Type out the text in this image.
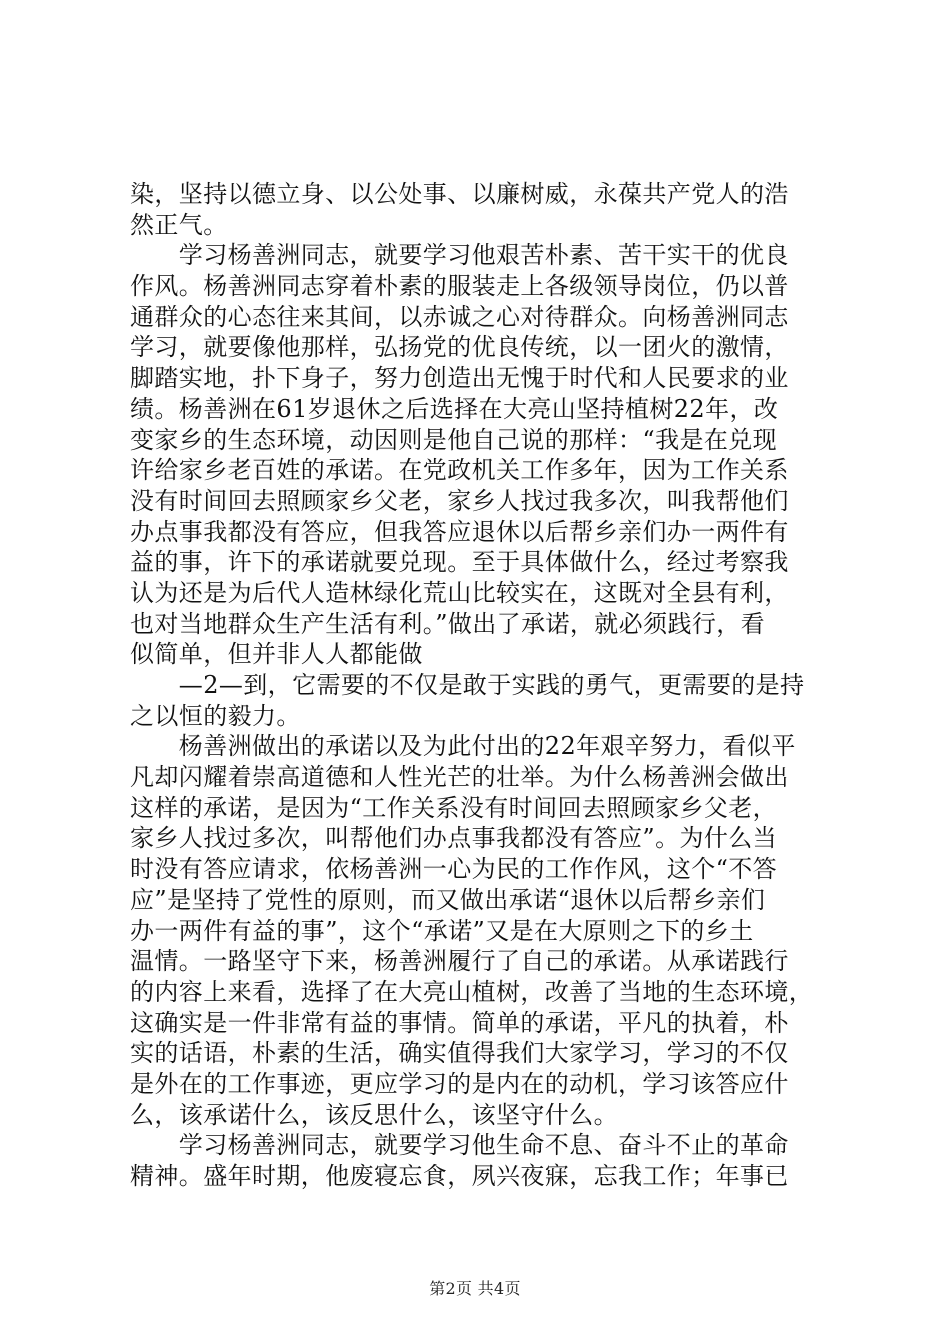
染，坚持以德立身、以公处事、以廉树威，永葆共产党人的浩
然正气。
　　学习杨善洲同志，就要学习他艰苦朴素、苦干实干的优良
作风。杨善洲同志穿着朴素的服装走上各级领导岗位，仍以普
通群众的心态往来其间，以赤诚之心对待群众。向杨善洲同志
学习，就要像他那样，弘扬党的优良传统，以一团火的激情，
脚踏实地，扑下身子，努力创造出无愧于时代和人民要求的业
绩。杨善洲在61岁退休之后选择在大亮山坚持植树22年，改
变家乡的生态环境，动因则是他自己说的那样：“我是在兑现
许给家乡老百姓的承诺。在党政机关工作多年，因为工作关系
没有时间回去照顾家乡父老，家乡人找过我多次，叫我帮他们
办点事我都没有答应，但我答应退休以后帮乡亲们办一两件有
益的事，许下的承诺就要兑现。至于具体做什么，经过考察我
认为还是为后代人造林绿化荒山比较实在，这既对全县有利，
也对当地群众生产生活有利。”做出了承诺，就必须践行，看
似简单，但并非人人都能做
　　—2—到，它需要的不仅是敢于实践的勇气，更需要的是持
之以恒的毅力。
　　杨善洲做出的承诺以及为此付出的22年艰辛努力，看似平
凡却闪耀着崇高道德和人性光芒的壮举。为什么杨善洲会做出
这样的承诺，是因为“工作关系没有时间回去照顾家乡父老，
家乡人找过多次，叫帮他们办点事我都没有答应”。为什么当
时没有答应请求，依杨善洲一心为民的工作作风，这个“不答
应”是坚持了党性的原则，而又做出承诺“退休以后帮乡亲们
办一两件有益的事”，这个“承诺”又是在大原则之下的乡土
温情。一路坚守下来，杨善洲履行了自己的承诺。从承诺践行
的内容上来看，选择了在大亮山植树，改善了当地的生态环境，
这确实是一件非常有益的事情。简单的承诺，平凡的执着，朴
实的话语，朴素的生活，确实值得我们大家学习，学习的不仅
是外在的工作事迹，更应学习的是内在的动机，学习该答应什
么，该承诺什么，该反思什么，该坚守什么。
　　学习杨善洲同志，就要学习他生命不息、奋斗不止的革命
精神。盛年时期，他废寝忘食，夙兴夜寐，忘我工作；年事已
第2页 共4页
